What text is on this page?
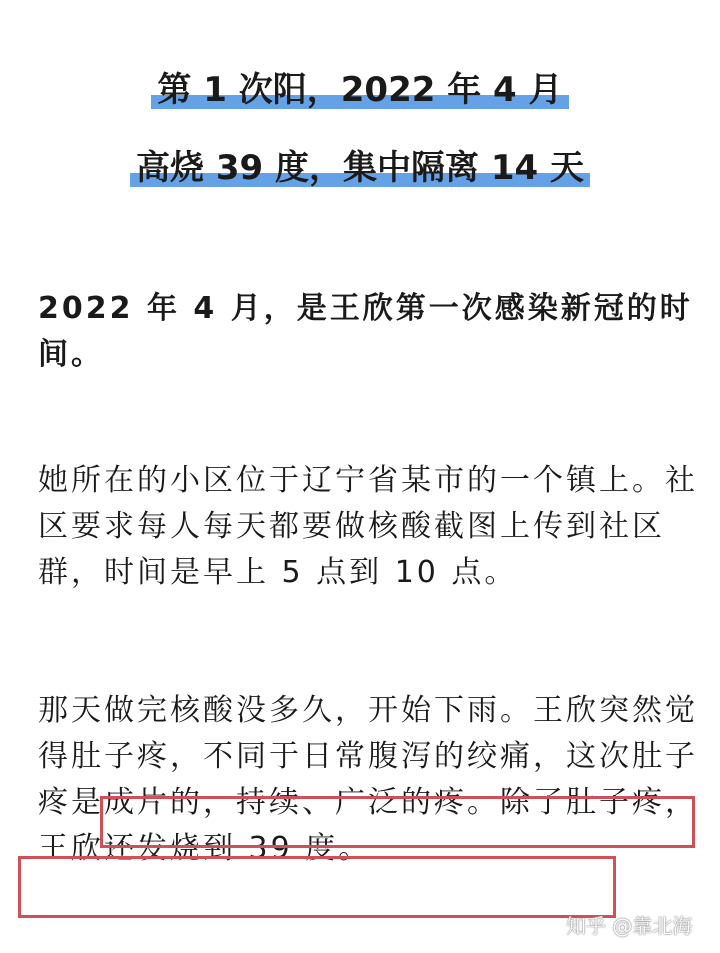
第 1 次阳，2022 年 4 月
高烧 39 度，集中隔离 14 天
2022 年 4 月，是王欣第一次感染新冠的时间。
她所在的小区位于辽宁省某市的一个镇上。社区要求每人每天都要做核酸截图上传到社区群，时间是早上 5 点到 10 点。
那天做完核酸没多久，开始下雨。王欣突然觉得肚子疼，不同于日常腹泻的绞痛，这次肚子疼是成片的，持续、广泛的疼。除了肚子疼，王欣还发烧到 39 度。
知乎 @靠北海
